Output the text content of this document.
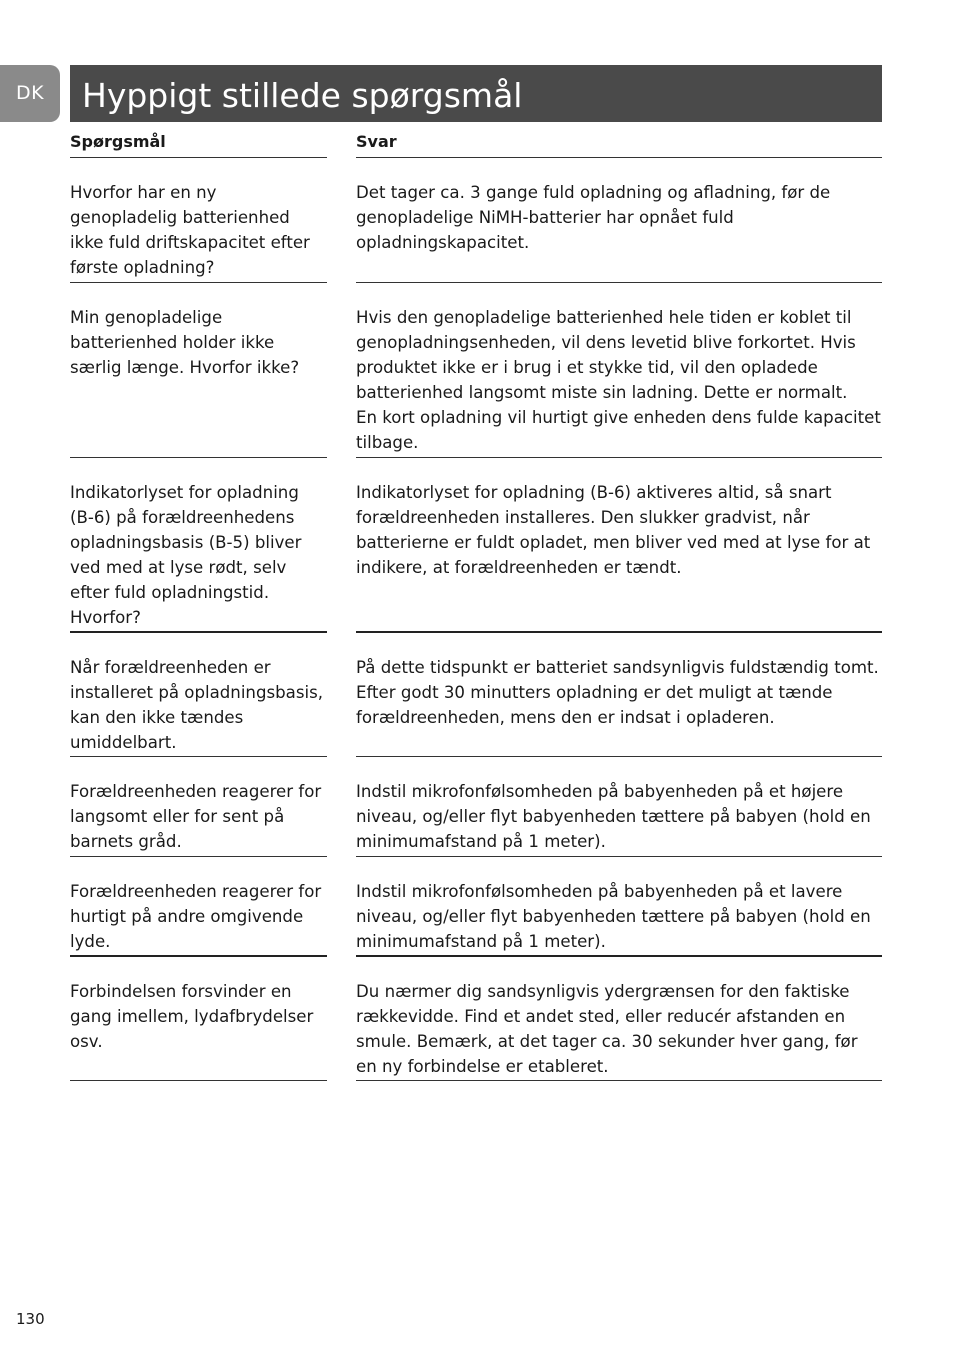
DK	Hyppigt stillede spørgsmål
Spørgsmål	Svar
Hvorfor har en ny genopladelig batterienhed ikke fuld driftskapacitet efter første opladning?
Det tager ca. 3 gange fuld opladning og afladning, før de genopladelige NiMH-batterier har opnået fuld opladningskapacitet.
Min genopladelige batterienhed holder ikke særlig længe. Hvorfor ikke?
Hvis den genopladelige batterienhed hele tiden er koblet til genopladningsenheden, vil dens levetid blive forkortet. Hvis produktet ikke er i brug i et stykke tid, vil den opladede batterienhed langsomt miste sin ladning. Dette er normalt.
En kort opladning vil hurtigt give enheden dens fulde kapacitet tilbage.
Indikatorlyset for opladning (B-6) på forældreenhedens opladningsbasis (B-5) bliver ved med at lyse rødt, selv efter fuld opladningstid. Hvorfor?
Indikatorlyset for opladning (B-6) aktiveres altid, så snart forældreenheden installeres. Den slukker gradvist, når batterierne er fuldt opladet, men bliver ved med at lyse for at indikere, at forældreenheden er tændt.
Når forældreenheden er installeret på opladningsbasis, kan den ikke tændes umiddelbart.
På dette tidspunkt er batteriet sandsynligvis fuldstændig tomt. Efter godt 30 minutters opladning er det muligt at tænde forældreenheden, mens den er indsat i opladeren.
Forældreenheden reagerer for langsomt eller for sent på barnets gråd.
Indstil mikrofonfølsomheden på babyenheden på et højere niveau, og/eller flyt babyenheden tættere på babyen (hold en minimumafstand på 1 meter).
Forældreenheden reagerer for hurtigt på andre omgivende lyde.
Indstil mikrofonfølsomheden på babyenheden på et lavere niveau, og/eller flyt babyenheden tættere på babyen (hold en minimumafstand på 1 meter).
Forbindelsen forsvinder en gang imellem, lydafbrydelser osv.
Du nærmer dig sandsynligvis ydergrænsen for den faktiske rækkevidde. Find et andet sted, eller reducér afstanden en smule. Bemærk, at det tager ca. 30 sekunder hver gang, før en ny forbindelse er etableret.
130
